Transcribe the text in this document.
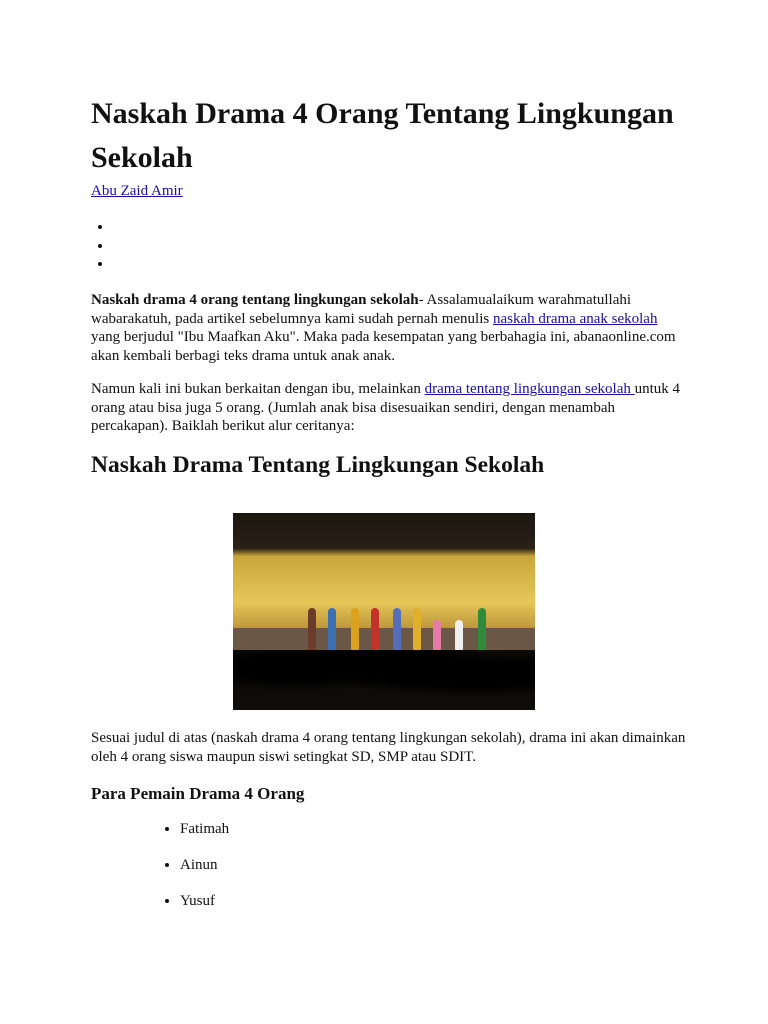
Naskah Drama 4 Orang Tentang Lingkungan Sekolah
Abu Zaid Amir

Naskah drama 4 orang tentang lingkungan sekolah- Assalamualaikum warahmatullahi wabarakatuh, pada artikel sebelumnya kami sudah pernah menulis naskah drama anak sekolah yang berjudul "Ibu Maafkan Aku". Maka pada kesempatan yang berbahagia ini, abanaonline.com akan kembali berbagi teks drama untuk anak anak.

Namun kali ini bukan berkaitan dengan ibu, melainkan drama tentang lingkungan sekolah untuk 4 orang atau bisa juga 5 orang. (Jumlah anak bisa disesuaikan sendiri, dengan menambah percakapan). Baiklah berikut alur ceritanya:

Naskah Drama Tentang Lingkungan Sekolah

Sesuai judul di atas (naskah drama 4 orang tentang lingkungan sekolah), drama ini akan dimainkan oleh 4 orang siswa maupun siswi setingkat SD, SMP atau SDIT.

Para Pemain Drama 4 Orang
• Fatimah
• Ainun
• Yusuf
